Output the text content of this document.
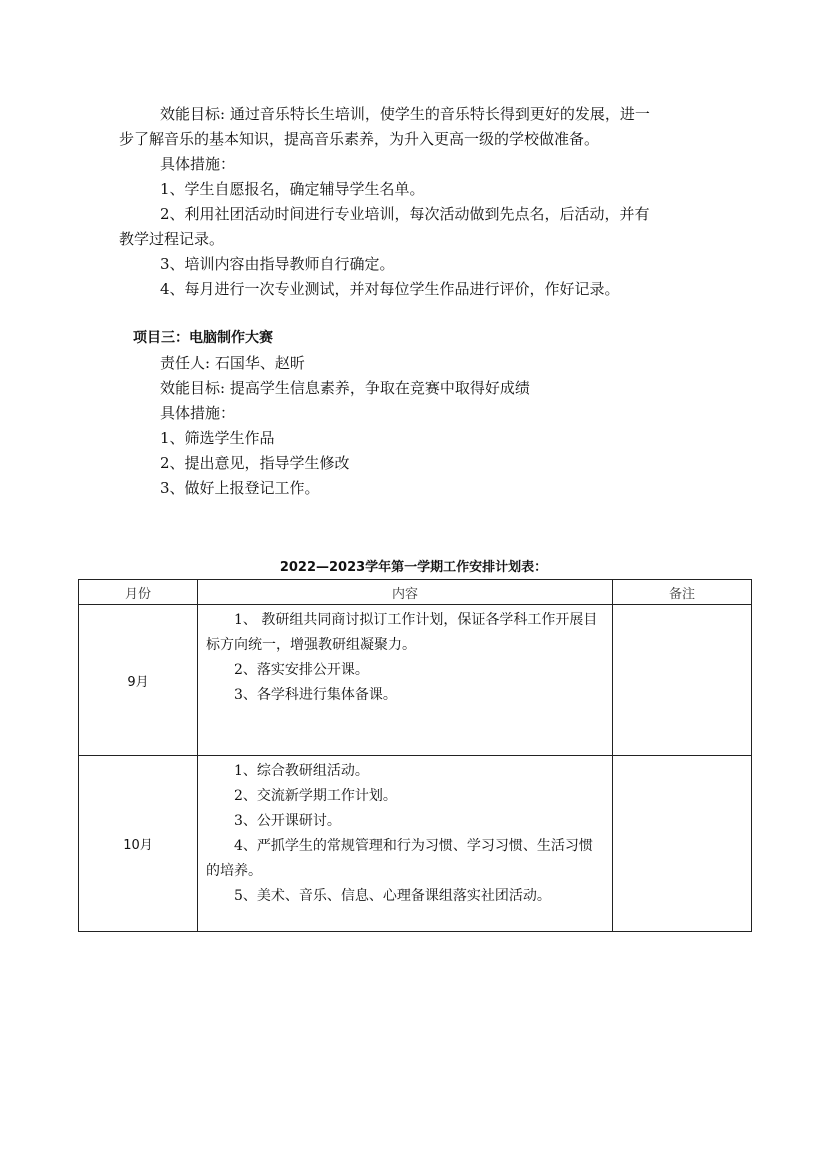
效能目标: 通过音乐特长生培训，使学生的音乐特长得到更好的发展，进一
步了解音乐的基本知识，提高音乐素养，为升入更高一级的学校做准备。
具体措施：
1、学生自愿报名，确定辅导学生名单。
2、利用社团活动时间进行专业培训，每次活动做到先点名，后活动，并有
教学过程记录。
3、培训内容由指导教师自行确定。
4、每月进行一次专业测试，并对每位学生作品进行评价，作好记录。
项目三：电脑制作大赛
责任人: 石国华、赵昕
效能目标: 提高学生信息素养，争取在竞赛中取得好成绩
具体措施：
1、筛选学生作品
2、提出意见，指导学生修改
3、做好上报登记工作。
2022—2023学年第一学期工作安排计划表：
月份	内容	备注
9月	1、 教研组共同商讨拟订工作计划，保证各学科工作开展目标方向统一，增强教研组凝聚力。
2、落实安排公开课。
3、各学科进行集体备课。	

10月	1、综合教研组活动。
2、交流新学期工作计划。
3、公开课研讨。
4、严抓学生的常规管理和行为习惯、学习习惯、生活习惯的培养。
5、美术、音乐、信息、心理备课组落实社团活动。	
